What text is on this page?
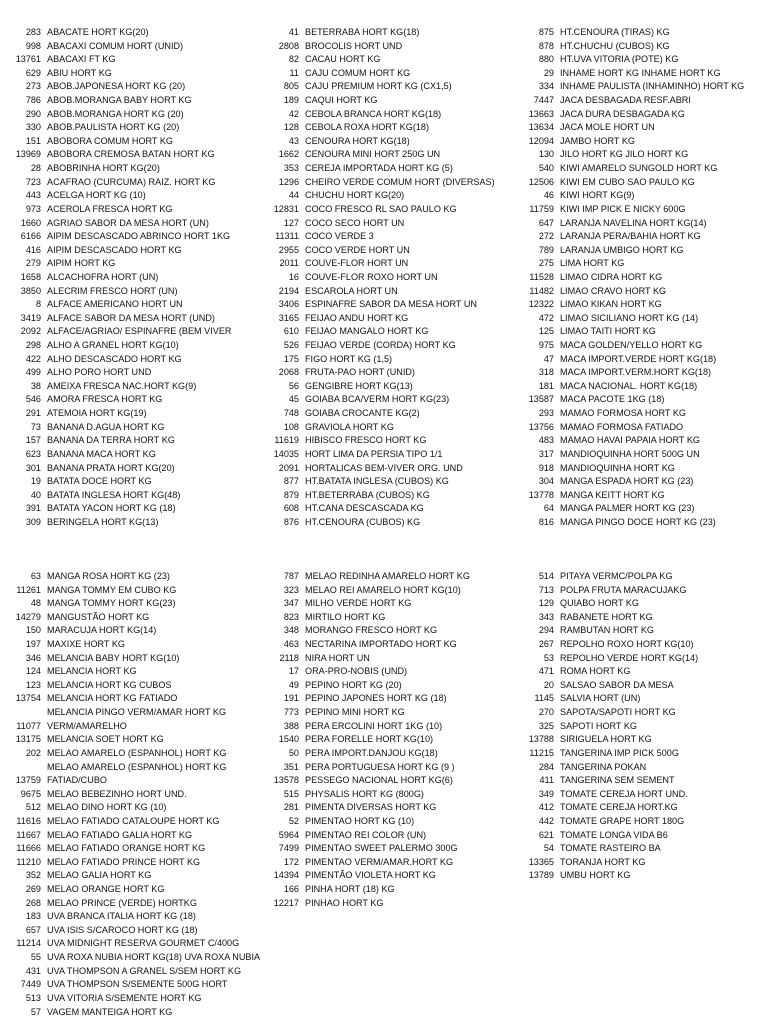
283 ABACATE HORT KG(20)
998 ABACAXI COMUM HORT (UNID)
13761 ABACAXI FT KG
629 ABIU HORT KG
273 ABOB.JAPONESA HORT KG (20)
786 ABOB.MORANGA BABY HORT KG
290 ABOB.MORANGA HORT KG (20)
330 ABOB.PAULISTA HORT KG (20)
151 ABOBORA COMUM HORT KG
13969 ABOBORA CREMOSA BATAN HORT KG
28 ABOBRINHA HORT KG(20)
723 ACAFRAO (CURCUMA) RAIZ. HORT KG
443 ACELGA HORT KG (10)
973 ACEROLA FRESCA HORT KG
1660 AGRIAO SABOR DA MESA HORT (UN)
6166 AIPIM DESCASCADO ABRINCO HORT 1KG
416 AIPIM DESCASCADO HORT KG
279 AIPIM HORT KG
1658 ALCACHOFRA HORT (UN)
3850 ALECRIM FRESCO HORT (UN)
8 ALFACE AMERICANO HORT UN
3419 ALFACE SABOR DA MESA HORT (UND)
2092 ALFACE/AGRIAO/ ESPINAFRE (BEM VIVER
298 ALHO A GRANEL HORT KG(10)
422 ALHO DESCASCADO HORT KG
499 ALHO PORO HORT UND
38 AMEIXA FRESCA NAC.HORT KG(9)
546 AMORA FRESCA HORT KG
291 ATEMOIA HORT KG(19)
73 BANANA D.AGUA HORT KG
157 BANANA DA TERRA HORT KG
623 BANANA MACA HORT KG
301 BANANA PRATA HORT KG(20)
19 BATATA DOCE HORT KG
40 BATATA INGLESA HORT KG(48)
391 BATATA YACON HORT KG (18)
309 BERINGELA HORT KG(13)
41 BETERRABA HORT KG(18)
2808 BROCOLIS HORT UND
82 CACAU HORT KG
11 CAJU COMUM HORT KG
805 CAJU PREMIUM HORT KG (CX1,5)
189 CAQUI HORT KG
42 CEBOLA BRANCA HORT KG(18)
128 CEBOLA ROXA HORT KG(18)
43 CENOURA HORT KG(18)
1662 CENOURA MINI HORT 250G UN
353 CEREJA IMPORTADA HORT KG (5)
1296 CHEIRO VERDE COMUM HORT (DIVERSAS)
44 CHUCHU HORT KG(20)
12831 COCO FRESCO RL SAO PAULO KG
127 COCO SECO HORT UN
11311 COCO VERDE 3
2955 COCO VERDE HORT UN
2011 COUVE-FLOR HORT UN
16 COUVE-FLOR ROXO HORT UN
2194 ESCAROLA HORT UN
3406 ESPINAFRE SABOR DA MESA HORT UN
3165 FEIJAO ANDU HORT KG
610 FEIJAO MANGALO HORT KG
526 FEIJAO VERDE (CORDA) HORT KG
175 FIGO HORT KG (1,5)
2068 FRUTA-PAO HORT (UNID)
56 GENGIBRE HORT KG(13)
45 GOIABA BCA/VERM HORT KG(23)
748 GOIABA CROCANTE KG(2)
108 GRAVIOLA HORT KG
11619 HIBISCO FRESCO HORT KG
14035 HORT LIMA DA PERSIA TIPO 1/1
2091 HORTALICAS BEM-VIVER ORG. UND
877 HT.BATATA INGLESA (CUBOS) KG
879 HT.BETERRABA (CUBOS) KG
608 HT.CANA DESCASCADA KG
876 HT.CENOURA (CUBOS) KG
875 HT.CENOURA (TIRAS) KG
878 HT.CHUCHU (CUBOS) KG
880 HT.UVA VITORIA (POTE) KG
29 INHAME HORT KG INHAME HORT KG
334 INHAME PAULISTA (INHAMINHO) HORT KG
7447 JACA DESBAGADA RESF.ABRI
13663 JACA DURA DESBAGADA KG
13634 JACA MOLE HORT UN
12094 JAMBO HORT KG
130 JILO HORT KG JILO HORT KG
540 KIWI AMARELO SUNGOLD HORT KG
12506 KIWI EM CUBO SAO PAULO KG
46 KIWI HORT KG(9)
11759 KIWI IMP PICK E NICKY 600G
647 LARANJA NAVELINA HORT KG(14)
272 LARANJA PERA/BAHIA HORT KG
789 LARANJA UMBIGO HORT KG
275 LIMA HORT KG
11528 LIMAO CIDRA HORT KG
11482 LIMAO CRAVO HORT KG
12322 LIMAO KIKAN HORT KG
472 LIMAO SICILIANO HORT KG (14)
125 LIMAO TAITI HORT KG
975 MACA GOLDEN/YELLO HORT KG
47 MACA IMPORT.VERDE HORT KG(18)
318 MACA IMPORT.VERM.HORT KG(18)
181 MACA NACIONAL. HORT KG(18)
13587 MACA PACOTE 1KG (18)
293 MAMAO FORMOSA HORT KG
13756 MAMAO FORMOSA FATIADO
483 MAMAO HAVAI PAPAIA HORT KG
317 MANDIOQUINHA HORT 500G UN
918 MANDIOQUINHA HORT KG
304 MANGA ESPADA HORT KG (23)
13778 MANGA KEITT HORT KG
64 MANGA PALMER HORT KG (23)
816 MANGA PINGO DOCE HORT KG (23)
63 MANGA ROSA HORT KG (23)
11261 MANGA TOMMY EM CUBO KG
48 MANGA TOMMY HORT KG(23)
14279 MANGUSTÃO HORT KG
150 MARACUJA HORT KG(14)
197 MAXIXE HORT KG
346 MELANCIA BABY HORT KG(10)
124 MELANCIA HORT KG
123 MELANCIA HORT KG CUBOS
13754 MELANCIA HORT KG FATIADO
MELANCIA PINGO VERM/AMAR HORT KG
11077 VERM/AMARELHO
13175 MELANCIA SOET HORT KG
202 MELAO AMARELO (ESPANHOL) HORT KG
MELAO AMARELO (ESPANHOL) HORT KG
13759 FATIAD/CUBO
9675 MELAO BEBEZINHO HORT UND.
512 MELAO DINO HORT KG (10)
11616 MELAO FATIADO CATALOUPE HORT KG
11667 MELAO FATIADO GALIA HORT KG
11666 MELAO FATIADO ORANGE HORT KG
11210 MELAO FATIADO PRINCE HORT KG
352 MELAO GALIA HORT KG
269 MELAO ORANGE HORT KG
268 MELAO PRINCE (VERDE) HORTKG
183 UVA BRANCA ITALIA HORT KG (18)
657 UVA ISIS S/CAROCO HORT KG (18)
11214 UVA MIDNIGHT RESERVA GOURMET C/400G
55 UVA ROXA NUBIA HORT KG(18) UVA ROXA NUBIA
431 UVA THOMPSON A GRANEL S/SEM HORT KG
7449 UVA THOMPSON S/SEMENTE 500G HORT
513 UVA VITORIA S/SEMENTE HORT KG
57 VAGEM MANTEIGA HORT KG
787 MELAO REDINHA AMARELO HORT KG
323 MELAO REI AMARELO HORT KG(10)
347 MILHO VERDE HORT KG
823 MIRTILO HORT KG
348 MORANGO FRESCO HORT KG
463 NECTARINA IMPORTADO HORT KG
2118 NIRA HORT UN
17 ORA-PRO-NOBIS (UND)
49 PEPINO HORT KG (20)
191 PEPINO JAPONES HORT KG (18)
773 PEPINO MINI HORT KG
388 PERA ERCOLINI HORT 1KG (10)
1540 PERA FORELLE HORT KG(10)
50 PERA IMPORT.DANJOU KG(18)
351 PERA PORTUGUESA HORT KG (9 )
13578 PESSEGO NACIONAL HORT KG(6)
515 PHYSALIS HORT KG (800G)
281 PIMENTA DIVERSAS HORT KG
52 PIMENTAO HORT KG (10)
5964 PIMENTAO REI COLOR (UN)
7499 PIMENTAO SWEET PALERMO 300G
172 PIMENTAO VERM/AMAR.HORT KG
14394 PIMENTÃO VIOLETA HORT KG
166 PINHA HORT (18) KG
12217 PINHAO HORT KG
514 PITAYA VERMC/POLPA KG
713 POLPA FRUTA MARACUJAKG
129 QUIABO HORT KG
343 RABANETE HORT KG
294 RAMBUTAN HORT KG
267 REPOLHO ROXO HORT KG(10)
53 REPOLHO VERDE HORT KG(14)
471 ROMA HORT KG
20 SALSAO SABOR DA MESA
1145 SALVIA HORT (UN)
270 SAPOTA/SAPOTI HORT KG
325 SAPOTI HORT KG
13788 SIRIGUELA HORT KG
11215 TANGERINA IMP PICK 500G
284 TANGERINA POKAN
411 TANGERINA SEM SEMENT
349 TOMATE CEREJA HORT UND.
412 TOMATE CEREJA HORT.KG
442 TOMATE GRAPE HORT 180G
621 TOMATE LONGA VIDA B6
54 TOMATE RASTEIRO BA
13365 TORANJA HORT KG
13789 UMBU HORT KG
